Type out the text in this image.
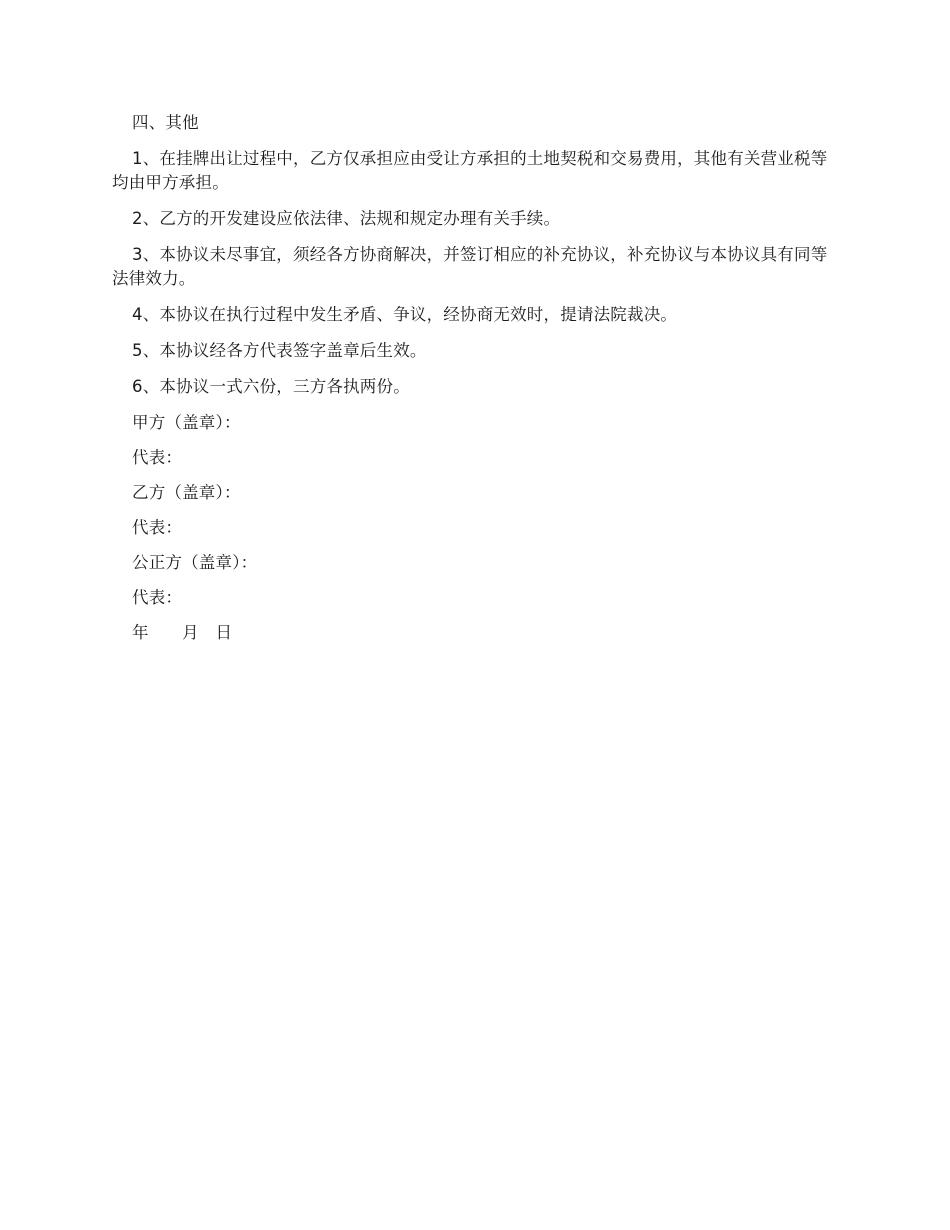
四、其他

1、在挂牌出让过程中，乙方仅承担应由受让方承担的土地契税和交易费用，其他有关营业税等均由甲方承担。

2、乙方的开发建设应依法律、法规和规定办理有关手续。

3、本协议未尽事宜，须经各方协商解决，并签订相应的补充协议，补充协议与本协议具有同等法律效力。

4、本协议在执行过程中发生矛盾、争议，经协商无效时，提请法院裁决。

5、本协议经各方代表签字盖章后生效。

6、本协议一式六份，三方各执两份。

甲方（盖章）：

代表：

乙方（盖章）：

代表：

公正方（盖章）：

代表：

年　　月　日
